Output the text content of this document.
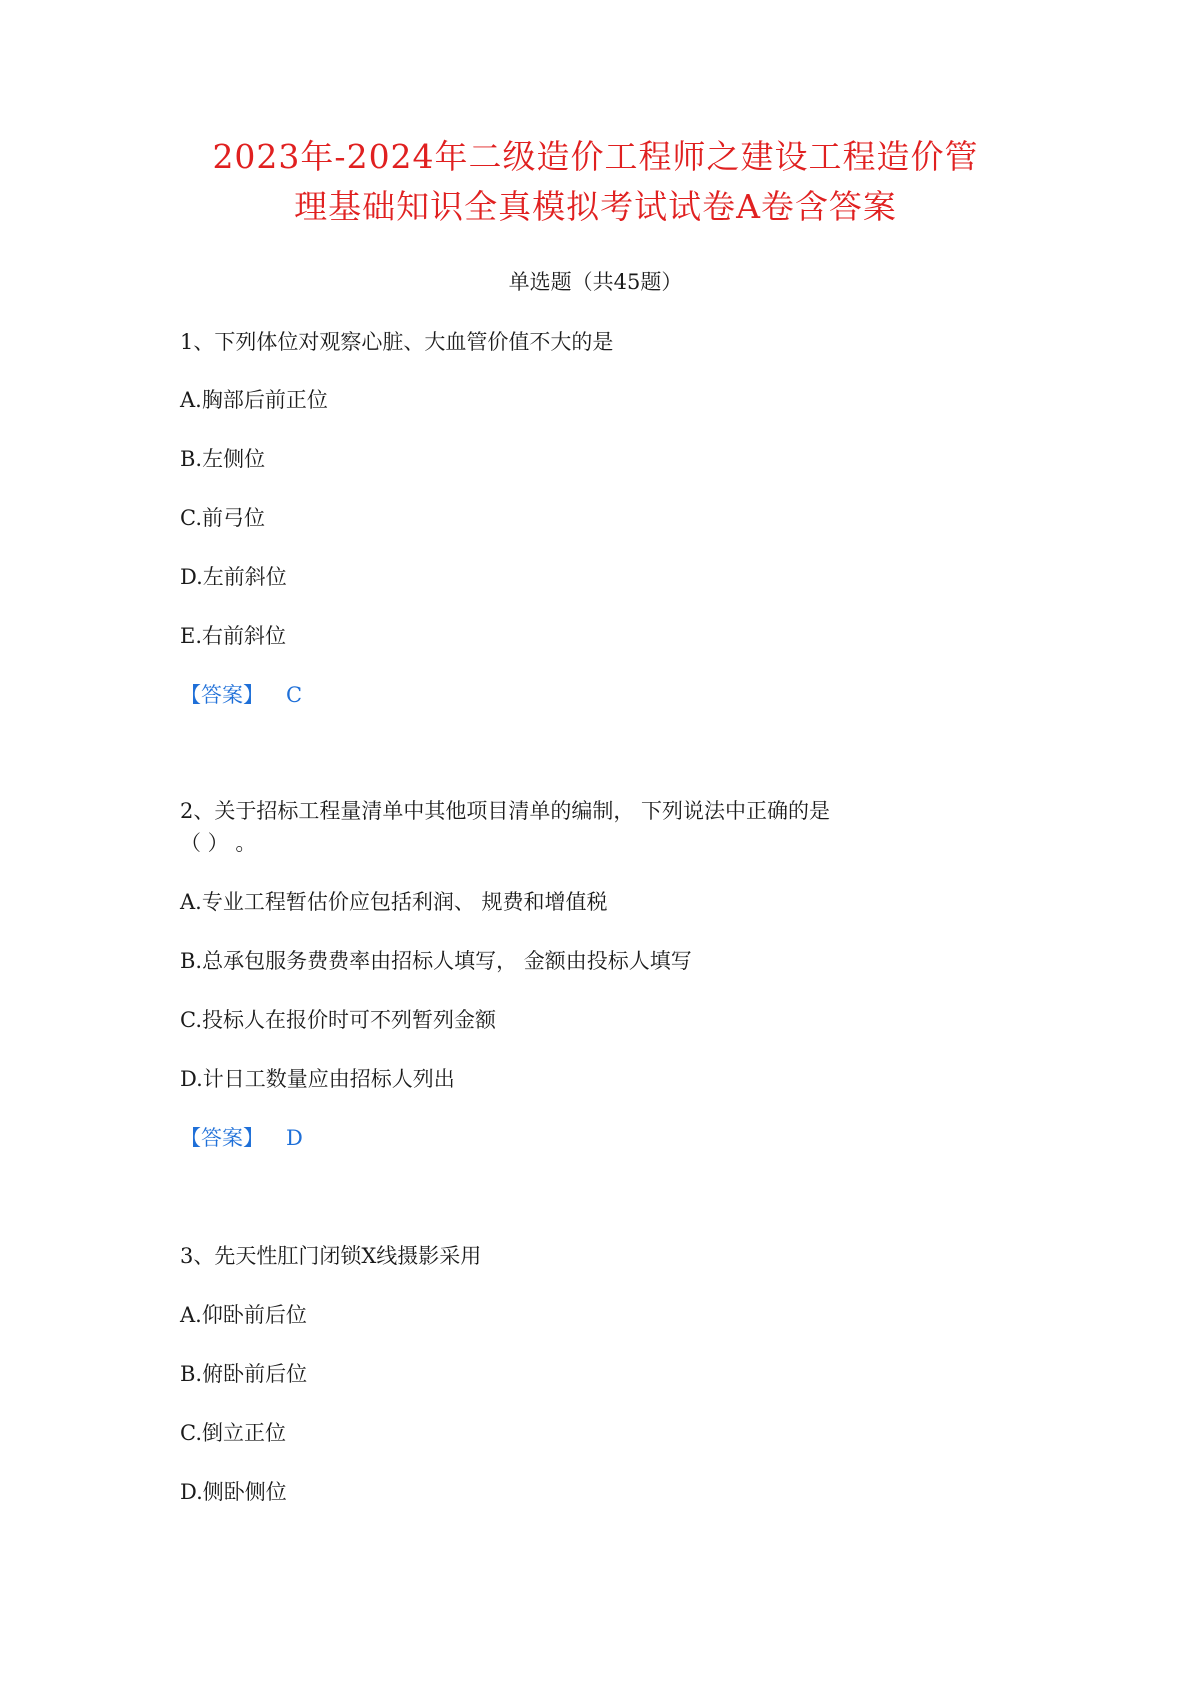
2023年-2024年二级造价工程师之建设工程造价管
理基础知识全真模拟考试试卷A卷含答案
单选题（共45题）
1、下列体位对观察心脏、大血管价值不大的是
A.胸部后前正位
B.左侧位
C.前弓位
D.左前斜位
E.右前斜位
【答案】 C
2、关于招标工程量清单中其他项目清单的编制， 下列说法中正确的是
（ ） 。
A.专业工程暂估价应包括利润、 规费和增值税
B.总承包服务费费率由招标人填写， 金额由投标人填写
C.投标人在报价时可不列暂列金额
D.计日工数量应由招标人列出
【答案】 D
3、先天性肛门闭锁X线摄影采用
A.仰卧前后位
B.俯卧前后位
C.倒立正位
D.侧卧侧位
